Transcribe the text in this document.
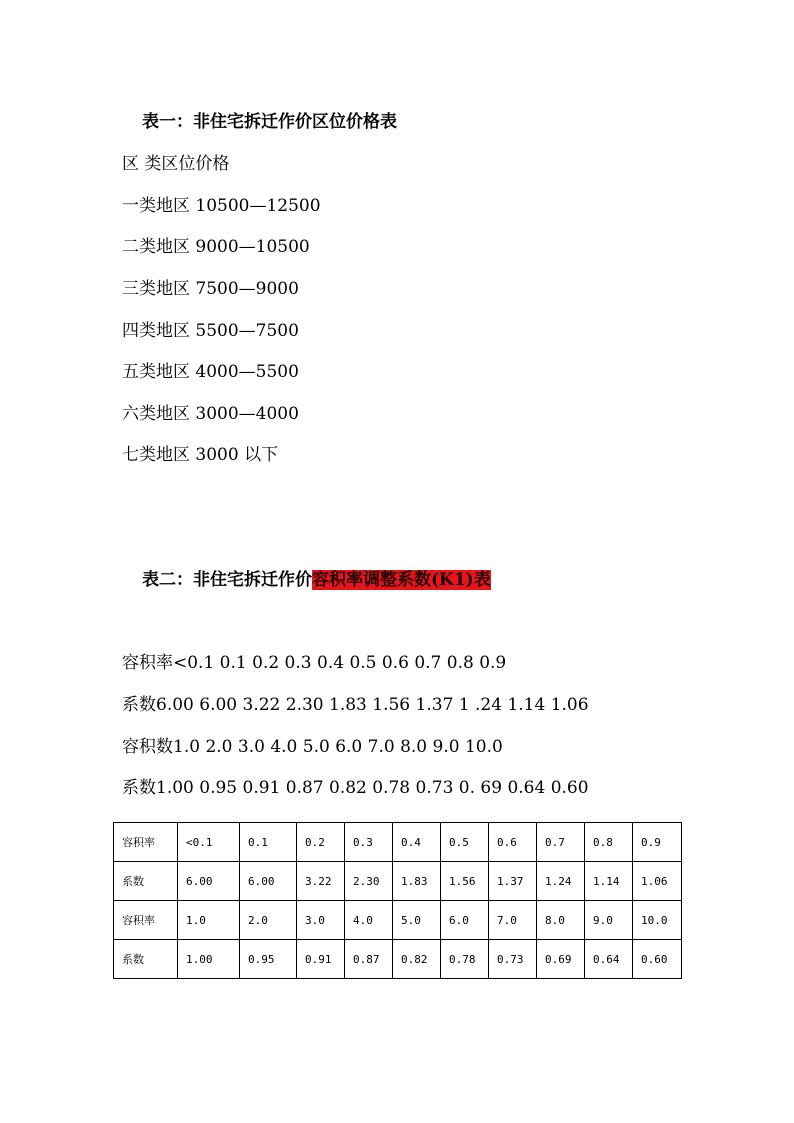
表一：非住宅拆迁作价区位价格表
区 类区位价格
一类地区 10500—12500
二类地区 9000—10500
三类地区 7500—9000
四类地区 5500—7500
五类地区 4000—5500
六类地区 3000—4000
七类地区 3000 以下
表二：非住宅拆迁作价容积率调整系数(K1)表
容积率<0.1 0.1 0.2 0.3 0.4 0.5 0.6 0.7 0.8 0.9
系数6.00 6.00 3.22 2.30 1.83 1.56 1.37 1 .24 1.14 1.06
容积数1.0 2.0 3.0 4.0 5.0 6.0 7.0 8.0 9.0 10.0
系数1.00 0.95 0.91 0.87 0.82 0.78 0.73 0. 69 0.64 0.60
容积率	<0.1	0.1	0.2	0.3	0.4	0.5	0.6	0.7	0.8	0.9
系数	6.00	6.00	3.22	2.30	1.83	1.56	1.37	1.24	1.14	1.06
容积率	1.0	2.0	3.0	4.0	5.0	6.0	7.0	8.0	9.0	10.0
系数	1.00	0.95	0.91	0.87	0.82	0.78	0.73	0.69	0.64	0.60
